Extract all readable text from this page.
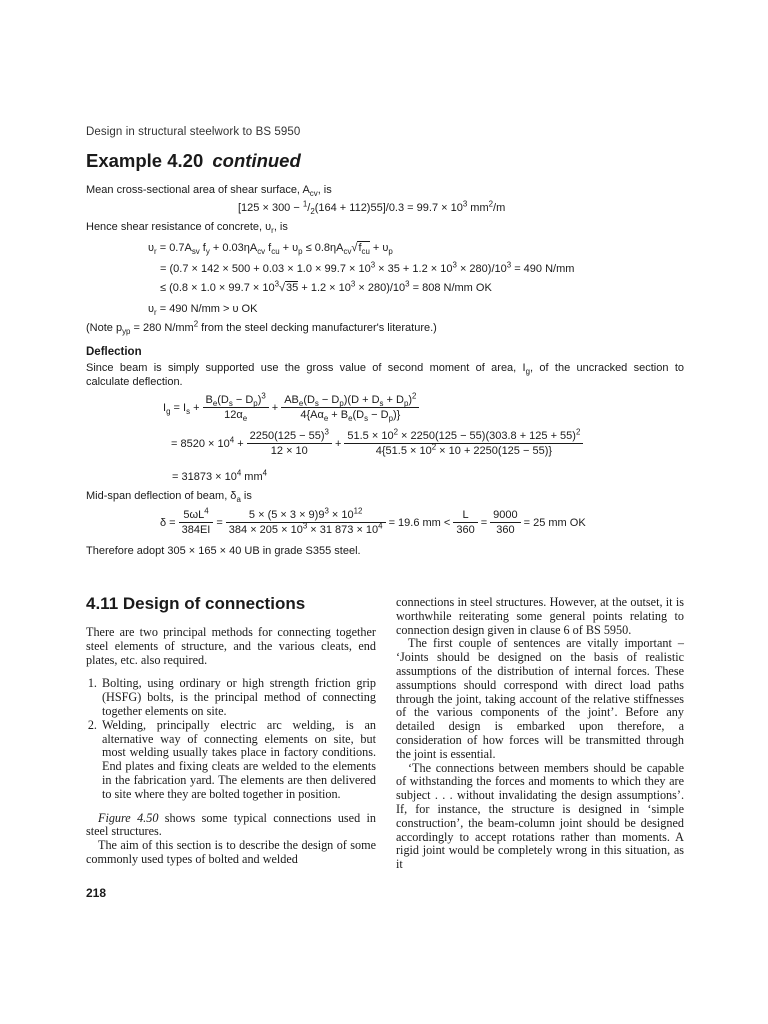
Design in structural steelwork to BS 5950
Example 4.20 continued
Mean cross-sectional area of shear surface, $A_{cv}$, is
$[125 \times 300 - ^1/_2(164 + 112)55]/0.3 = 99.7 \times 10^3$ $mm^2/m$
Hence shear resistance of concrete, $\upsilon_r$, is
$\upsilon_r = 0.7A_{sv}$ $f_y + 0.03\eta A_{cv}$ $f_{cu} + \upsilon_p \le 0.8\eta A_{cv}√f_{cu} + \upsilon_p$
= $(0.7 \times 142 \times 500 + 0.03 \times 1.0 \times 99.7 \times 10^3 \times 35 + 1.2 \times 10^3 \times 280)/10^3 = 490$ N/mm
≤ $(0.8 \times 1.0 \times 99.7 \times 10^3√35 + 1.2 \times 10^3 \times 280)/10^3 = 808$ N/mm OK
$\upsilon_r = 490$ N/mm > υ OK
(Note $p_{yp} = 280$ $N/mm^2$ from the steel decking manufacturer's literature.)
Deflection
Since beam is simply supported use the gross value of second moment of area, $I_g$, of the uncracked section to
calculate deflection.
$I_g = I_s + \frac{B_e(D_s - D_p)^3}{12\alpha_e} + \frac{AB_e(D_s - D_p)(D + D_s + D_p)^2}{4\{A\alpha_e + B_e(D_s - D_p)\}}$
= $8520 \times 10^4 + \frac{2250(125 - 55)^3}{12 \times 10} + \frac{51.5 \times 10^2 \times 2250(125 - 55)(303.8 + 125 + 55)^2}{4\{51.5 \times 10^2 \times 10 + 2250(125 - 55)\}}$
= $31873 \times 10^4$ $mm^4$
Mid-span deflection of beam, $\delta_a$ is
$\delta = \frac{5\omega L^4}{384EI} = \frac{5 \times (5 \times 3 \times 9)9^3 \times 10^{12}}{384 \times 205 \times 10^3 \times 31 873 \times 10^4} = 19.6$ mm < $\frac{L}{360} = \frac{9000}{360} = 25$ mm OK
Therefore adopt 305 × 165 × 40 UB in grade S355 steel.
4.11 Design of connections

There are two principal methods for connecting together steel elements of structure, and the various cleats, end plates, etc. also required.

1. Bolting, using ordinary or high strength friction grip (HSFG) bolts, is the principal method of connecting together elements on site.
2. Welding, principally electric arc welding, is an alternative way of connecting elements on site, but most welding usually takes place in factory conditions. End plates and fixing cleats are welded to the elements in the fabrication yard. The elements are then delivered to site where they are bolted together in position.

Figure 4.50 shows some typical connections used in steel structures.

The aim of this section is to describe the design of some commonly used types of bolted and welded

connections in steel structures. However, at the outset, it is worthwhile reiterating some general points relating to connection design given in clause 6 of BS 5950.

The first couple of sentences are vitally important – ‘Joints should be designed on the basis of realistic assumptions of the distribution of internal forces. These assumptions should correspond with direct load paths through the joint, taking account of the relative stiffnesses of the various components of the joint’. Before any detailed design is embarked upon therefore, a consideration of how forces will be transmitted through the joint is essential.

‘The connections between members should be capable of withstanding the forces and moments to which they are subject . . . without invalidating the design assumptions’. If, for instance, the structure is designed in ‘simple construction’, the beam-column joint should be designed accordingly to accept rotations rather than moments. A rigid joint would be completely wrong in this situation, as it

218
